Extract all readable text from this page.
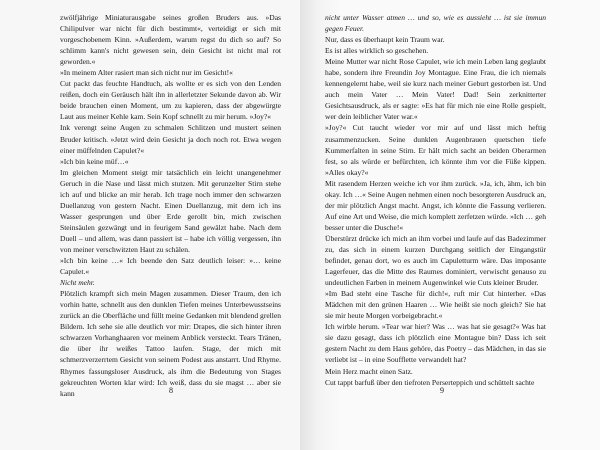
zwölfjährige Miniaturausgabe seines großen Bruders aus. »Das Chilipulver war nicht für dich bestimmt«, verteidigt er sich mit vorgeschobenem Kinn. »Außerdem, warum regst du dich so auf? So schlimm kann's nicht gewesen sein, dein Gesicht ist nicht mal rot geworden.«

»In meinem Alter rasiert man sich nicht nur im Gesicht!«

Cut packt das feuchte Handtuch, als wollte er es sich von den Lenden reißen, doch ein Geräusch hält ihn in allerletzter Sekunde davon ab. Wir beide brauchen einen Moment, um zu kapieren, dass der abgewürgte Laut aus meiner Kehle kam. Sein Kopf schnellt zu mir herum. »Joy?«

Ink verengt seine Augen zu schmalen Schlitzen und mustert seinen Bruder kritisch. »Jetzt wird dein Gesicht ja doch noch rot. Etwa wegen einer müffelnden Capulet?«

»Ich bin keine müf…«

Im gleichen Moment steigt mir tatsächlich ein leicht unangenehmer Geruch in die Nase und lässt mich stutzen. Mit gerunzelter Stirn stehe ich auf und blicke an mir herab. Ich trage noch immer den schwarzen Duellanzug von gestern Nacht. Einen Duellanzug, mit dem ich ins Wasser gesprungen und über Erde gerollt bin, mich zwischen Steinsäulen gezwängt und in feurigem Sand gewälzt habe. Nach dem Duell – und allem, was dann passiert ist – habe ich völlig vergessen, ihn von meiner verschwitzten Haut zu schälen.

»Ich bin keine …« Ich beende den Satz deutlich leiser: »… keine Capulet.«

Nicht mehr.

Plötzlich krampft sich mein Magen zusammen. Dieser Traum, den ich vorhin hatte, schnellt aus den dunklen Tiefen meines Unterbewusstseins zurück an die Oberfläche und füllt meine Gedanken mit blendend grellen Bildern. Ich sehe sie alle deutlich vor mir: Drapes, die sich hinter ihren schwarzen Vorhanghaaren vor meinem Anblick versteckt. Tears Tränen, die über ihr weißes Tattoo laufen. Stage, der mich mit schmerzverzerrtem Gesicht von seinem Podest aus anstarrt. Und Rhyme. Rhymes fassungsloser Ausdruck, als ihm die Bedeutung von Stages gekreuchten Worten klar wird: Ich weiß, dass du sie magst … aber sie kann	8

nicht unter Wasser atmen … und so, wie es aussieht … ist sie immun gegen Feuer.

Nur, dass es überhaupt kein Traum war.

Es ist alles wirklich so geschehen.

Meine Mutter war nicht Rose Capulet, wie ich mein Leben lang geglaubt habe, sondern ihre Freundin Joy Montague. Eine Frau, die ich niemals kennengelernt habe, weil sie kurz nach meiner Geburt gestorben ist. Und auch mein Vater … Mein Vater! Dad! Sein zerknitterter Gesichtsausdruck, als er sagte: »Es hat für mich nie eine Rolle gespielt, wer dein leiblicher Vater war.«

»Joy?« Cut taucht wieder vor mir auf und lässt mich heftig zusammenzucken. Seine dunklen Augenbrauen quetschen tiefe Kummerfalten in seine Stirn. Er hält mich sacht an beiden Oberarmen fest, so als würde er befürchten, ich könnte ihm vor die Füße kippen. »Alles okay?«

Mit rasendem Herzen weiche ich vor ihm zurück. »Ja, ich, ähm, ich bin okay. Ich …« Seine Augen nehmen einen noch besorgteren Ausdruck an, der mir plötzlich Angst macht. Angst, ich könnte die Fassung verlieren. Auf eine Art und Weise, die mich komplett zerfetzen würde. »Ich … geh besser unter die Dusche!«

Überstürzt drücke ich mich an ihm vorbei und laufe auf das Badezimmer zu, das sich in einem kurzen Durchgang seitlich der Eingangstür befindet, genau dort, wo es auch im Capuletturm wäre. Das imposante Lagerfeuer, das die Mitte des Raumes dominiert, verwischt genauso zu undeutlichen Farben in meinem Augenwinkel wie Cuts kleiner Bruder.

»Im Bad steht eine Tasche für dich!«, ruft mir Cut hinterher. »Das Mädchen mit den grünen Haaren … Wie heißt sie noch gleich? Sie hat sie mir heute Morgen vorbeigebracht.«

Ich wirble herum. »Tear war hier? Was … was hat sie gesagt?« Was hat sie dazu gesagt, dass ich plötzlich eine Montague bin? Dass ich seit gestern Nacht zu dem Haus gehöre, das Poetry – das Mädchen, in das sie verliebt ist – in eine Soufflette verwandelt hat?

Mein Herz macht einen Satz.

Cut tappt barfuß über den tiefroten Perserteppich und schüttelt sachte

9
